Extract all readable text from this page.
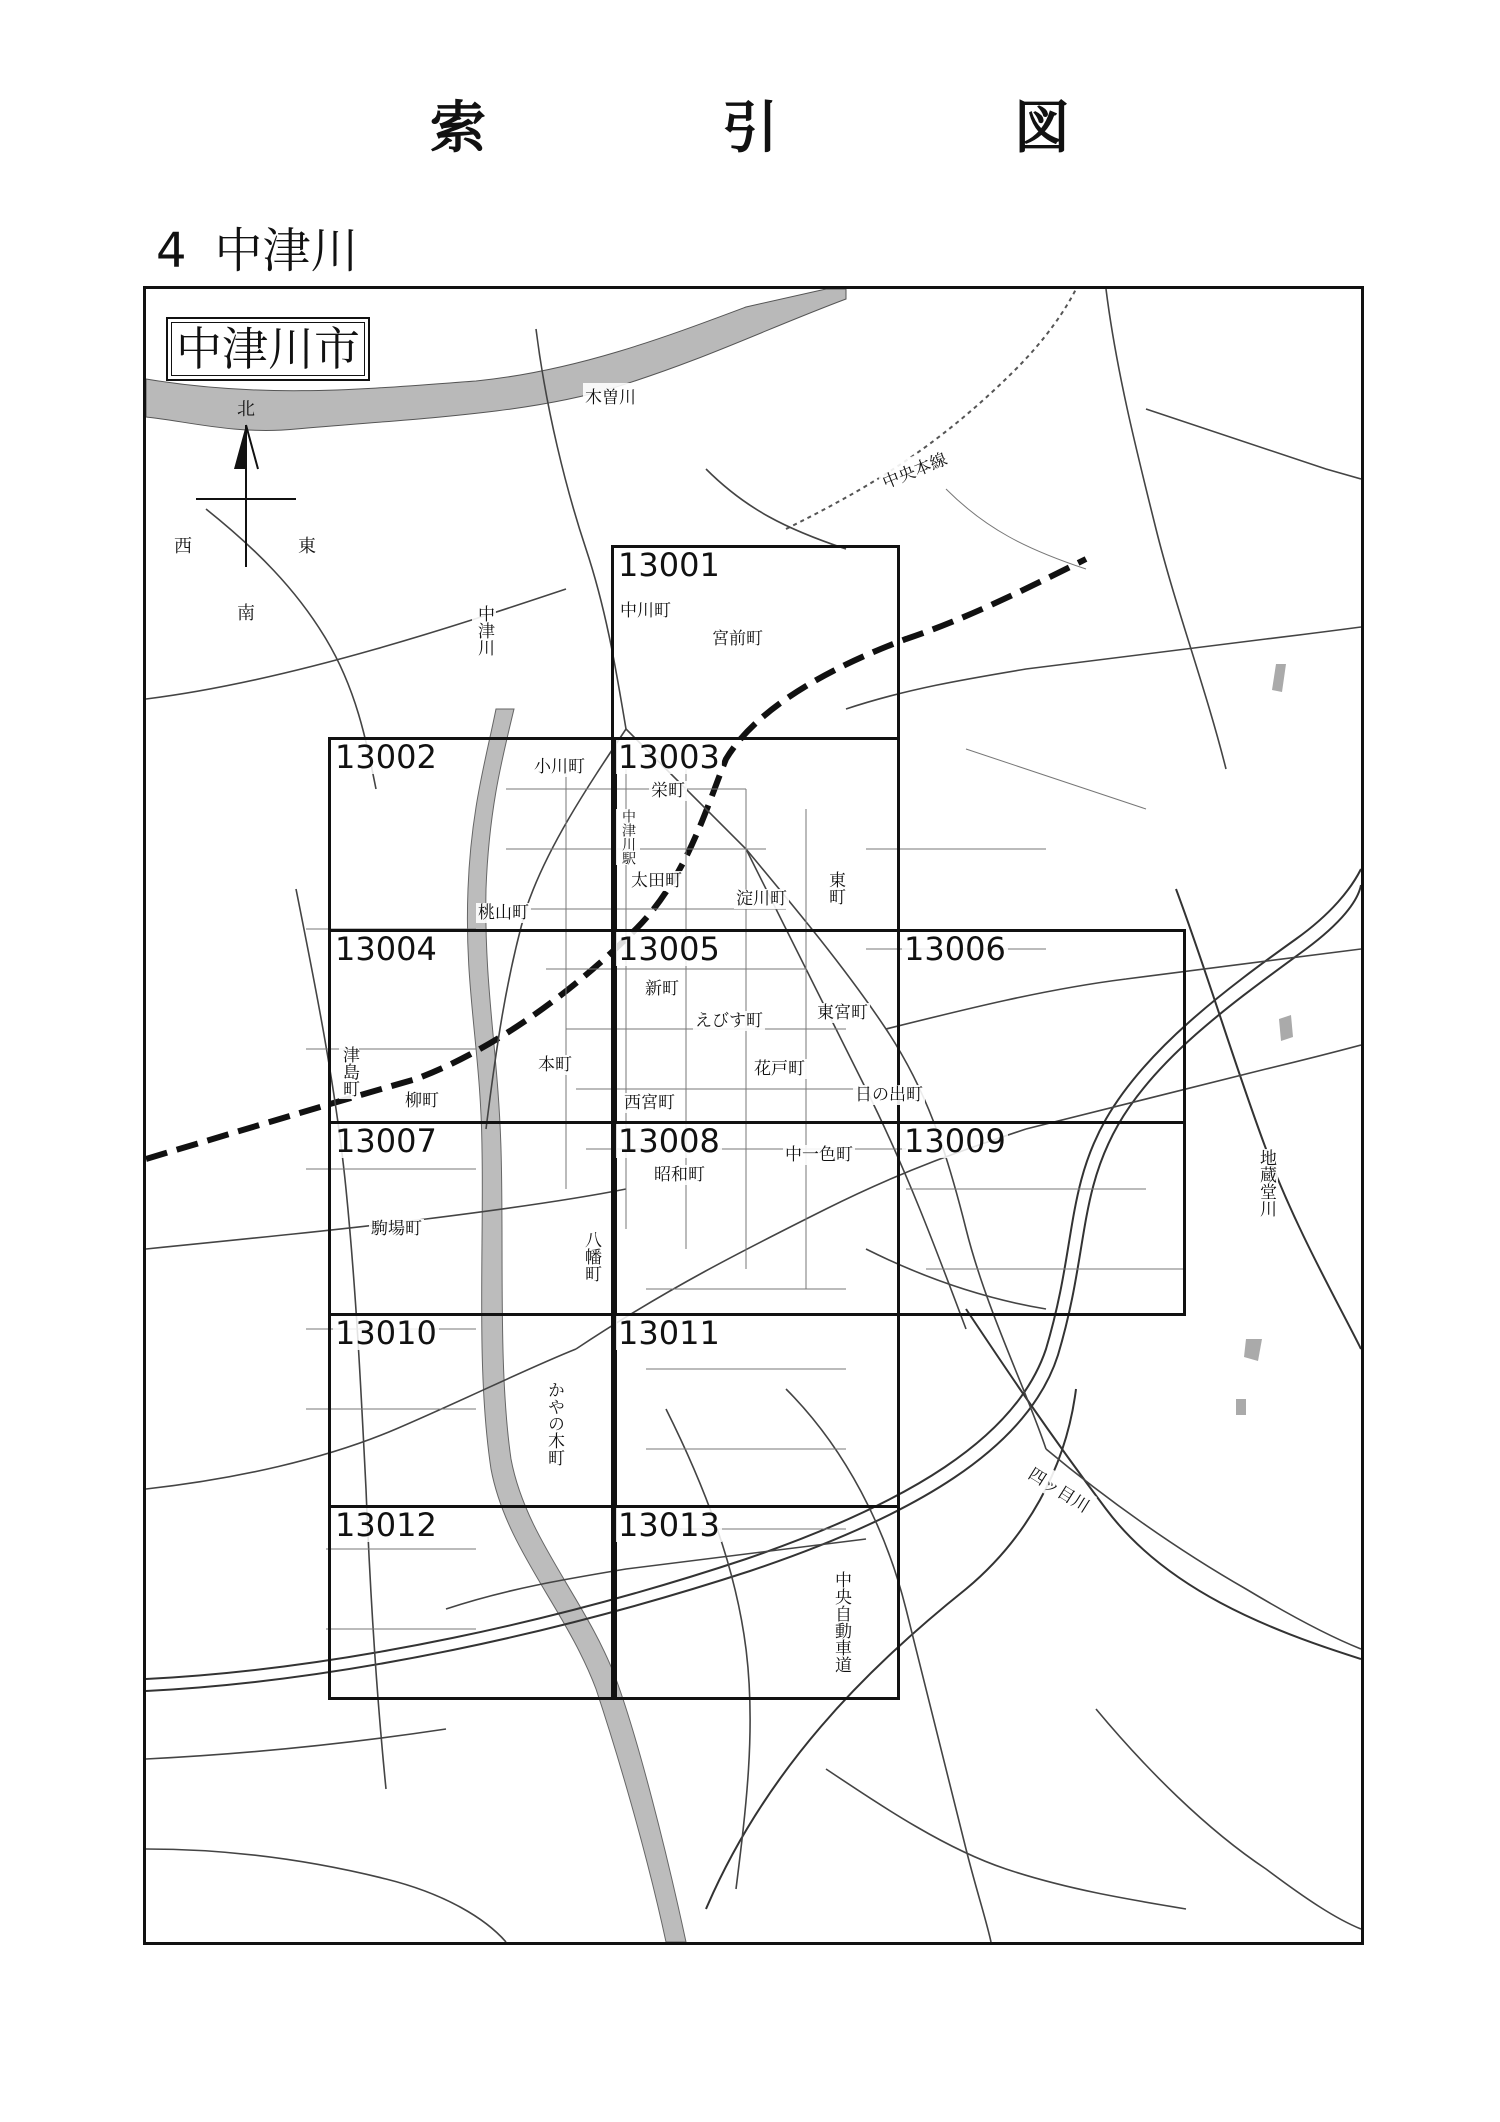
索　引　図
4 中津川
中津川市
北
南
東
西	13001
13002	13003
13004	13005	13006
13007	13008	13009
13010	13011
13012	13013
中川町
宮前町
小川町
栄町
太田町
淀川町 東町
桃山町
新町
えびす町	東宮町
津島町
柳町
本町	花戸町
西宮町	日の出町
昭和町
中一色町
駒場町
八幡町
かやの木町
木曽川
中津川
中央本線
中津川駅
地蔵堂川
四ッ目川
中央自動車道
